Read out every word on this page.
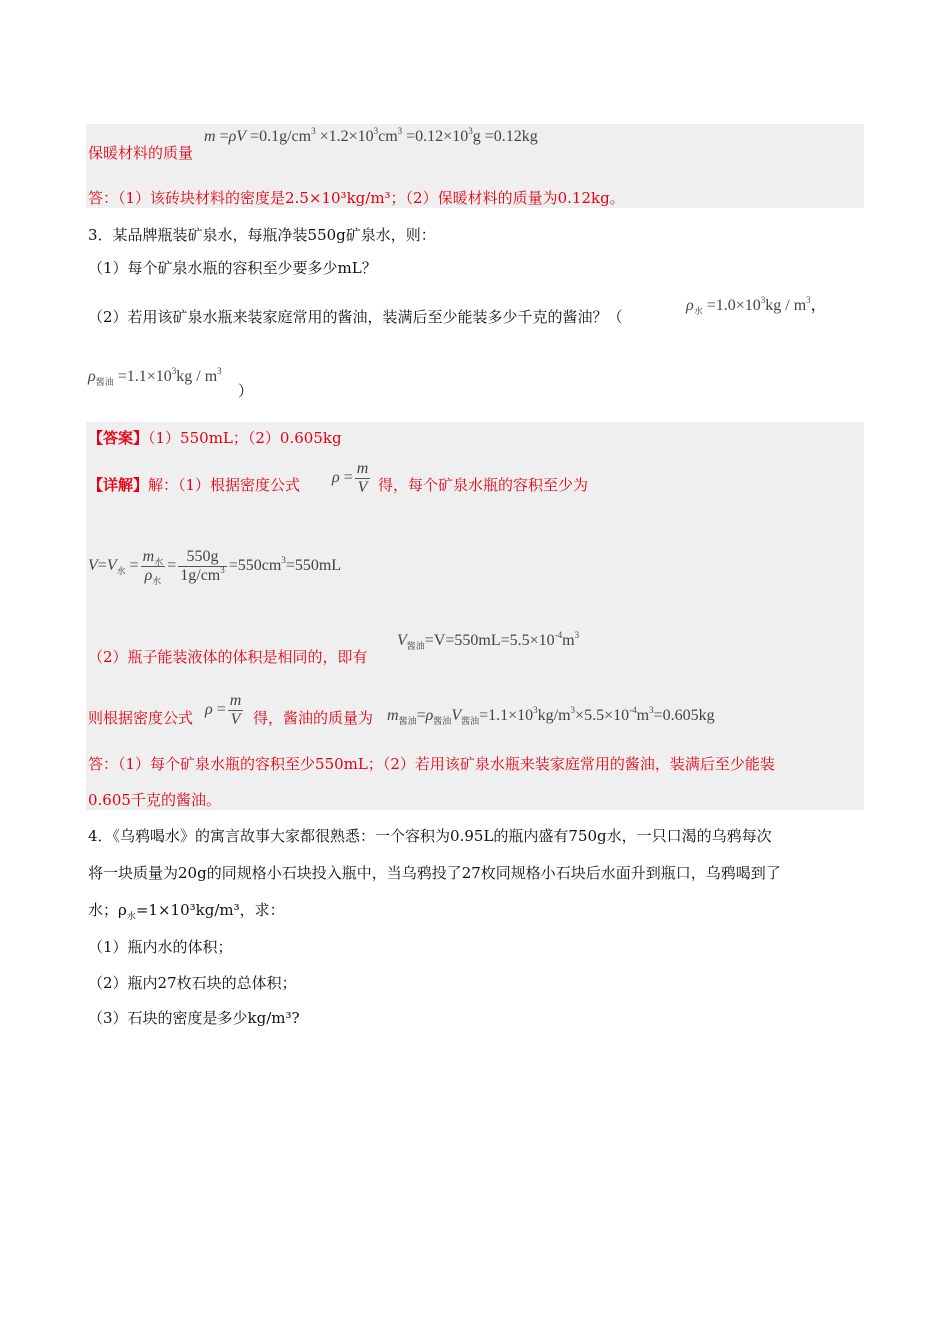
保暖材料的质量
$m =\rho V =0.1g/cm^3 \times 1.2\times 10^3cm^3 =0.12\times 10^3g =0.12kg$
答：（1）该砖块材料的密度是2.5×10³kg/m³；（2）保暖材料的质量为0.12kg。
3．某品牌瓶装矿泉水，每瓶净装550g矿泉水，则：
（1）每个矿泉水瓶的容积至少要多少mL？
（2）若用该矿泉水瓶来装家庭常用的酱油，装满后至少能装多少千克的酱油？（
$\rho_水 =1.0\times 10^3kg / m^3$，
$\rho_{酱油} =1.1\times 10^3kg / m^3$
）
【答案】（1）550mL；（2）0.605kg
【详解】解：（1）根据密度公式 $\rho = \frac{m}{V}$ 得，每个矿泉水瓶的容积至少为
$V=V_水 = \frac{m_水}{\rho_水} = \frac{550g}{1g/cm^3} =550cm^3=550mL$
（2）瓶子能装液体的体积是相同的，即有
$V_{酱油}=V=550mL=5.5\times 10^{-4}m^3$
则根据密度公式 $\rho = \frac{m}{V}$ 得，酱油的质量为 $m_{酱油}=\rho_{酱油}V_{酱油}=1.1\times 10^3kg/m^3\times 5.5\times 10^{-4}m^3=0.605kg$
答：（1）每个矿泉水瓶的容积至少550mL；（2）若用该矿泉水瓶来装家庭常用的酱油，装满后至少能装
0.605千克的酱油。
4．《乌鸦喝水》的寓言故事大家都很熟悉：一个容积为0.95L的瓶内盛有750g水，一只口渴的乌鸦每次
将一块质量为20g的同规格小石块投入瓶中，当乌鸦投了27枚同规格小石块后水面升到瓶口，乌鸦喝到了
水；$\rho_水=1\times 10^3kg/m^3$，求：
（1）瓶内水的体积；
（2）瓶内27枚石块的总体积；
（3）石块的密度是多少kg/m³?
